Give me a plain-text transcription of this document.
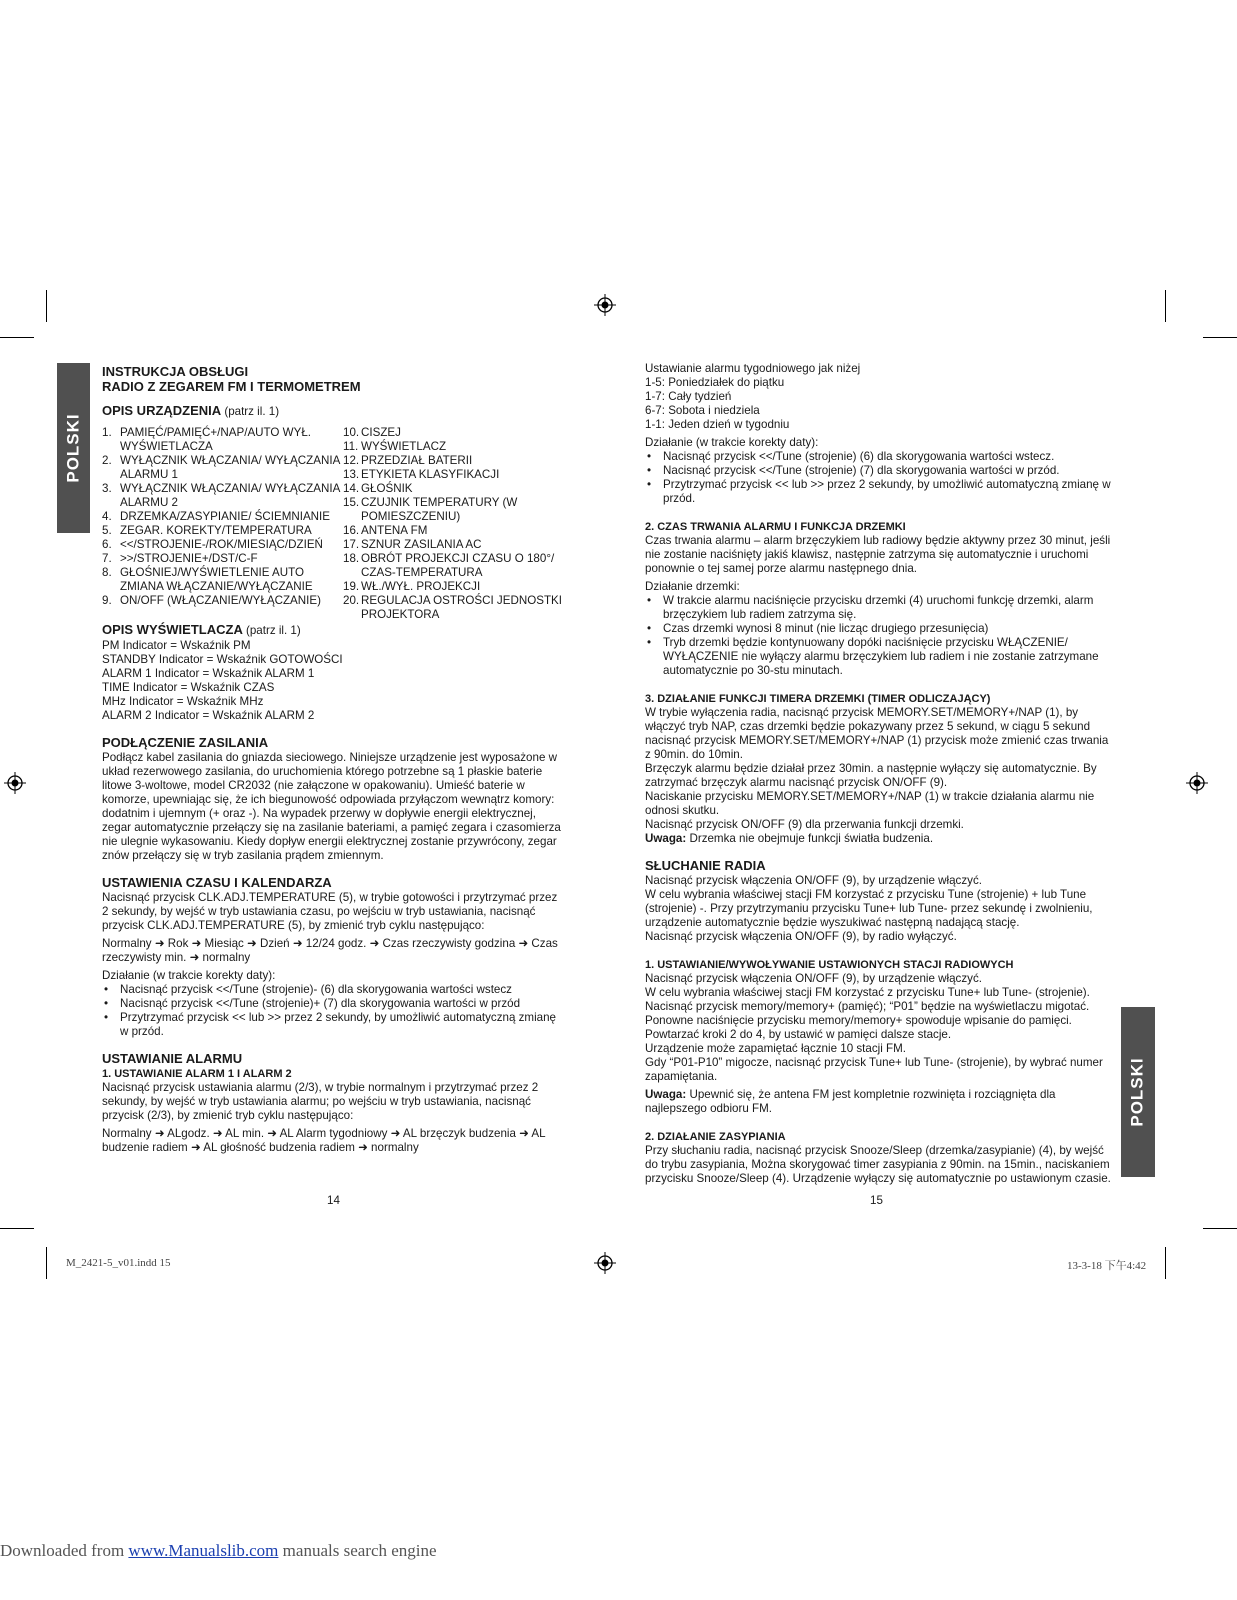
POLSKI
POLSKI

INSTRUKCJA OBSŁUGI

RADIO Z ZEGAREM FM I TERMOMETREM

OPIS URZĄDZENIA (patrz il. 1)

1. PAMIĘĆ/PAMIĘĆ+/NAP/AUTO WYŁ. WYŚWIETLACZA
2. WYŁĄCZNIK WŁĄCZANIA/ WYŁĄCZANIA ALARMU 1
3. WYŁĄCZNIK WŁĄCZANIA/ WYŁĄCZANIA ALARMU 2
4. DRZEMKA/ZASYPIANIE/ ŚCIEMNIANIE
5. ZEGAR. KOREKTY/TEMPERATURA
6. <</STROJENIE-/ROK/MIESIĄC/DZIEŃ
7. >>/STROJENIE+/DST/C-F
8. GŁOŚNIEJ/WYŚWIETLENIE AUTO ZMIANA WŁĄCZANIE/WYŁĄCZANIE
9. ON/OFF (WŁĄCZANIE/WYŁĄCZANIE)
10. CISZEJ
11. WYŚWIETLACZ
12. PRZEDZIAŁ BATERII
13. ETYKIETA KLASYFIKACJI
14. GŁOŚNIK
15. CZUJNIK TEMPERATURY (W POMIESZCZENIU)
16. ANTENA FM
17. SZNUR ZASILANIA AC
18. OBRÓT PROJEKCJI CZASU O 180°/ CZAS-TEMPERATURA
19. WŁ./WYŁ. PROJEKCJI
20. REGULACJA OSTROŚCI JEDNOSTKI PROJEKTORA

OPIS WYŚWIETLACZA (patrz il. 1)

PM Indicator = Wskaźnik PM

STANDBY Indicator = Wskaźnik GOTOWOŚCI

ALARM 1 Indicator = Wskaźnik ALARM 1

TIME Indicator = Wskaźnik CZAS

MHz Indicator = Wskaźnik MHz

ALARM 2 Indicator = Wskaźnik ALARM 2

PODŁĄCZENIE ZASILANIA

Podłącz kabel zasilania do gniazda sieciowego. Niniejsze urządzenie jest wyposażone w układ rezerwowego zasilania, do uruchomienia którego potrzebne są 1 płaskie baterie litowe 3-woltowe, model CR2032 (nie załączone w opakowaniu). Umieść baterie w komorze, upewniając się, że ich biegunowość odpowiada przyłączom wewnątrz komory: dodatnim i ujemnym (+ oraz -). Na wypadek przerwy w dopływie energii elektrycznej, zegar automatycznie przełączy się na zasilanie bateriami, a pamięć zegara i czasomierza nie ulegnie wykasowaniu. Kiedy dopływ energii elektrycznej zostanie przywrócony, zegar znów przełączy się w tryb zasilania prądem zmiennym.

USTAWIENIA CZASU I KALENDARZA

Nacisnąć przycisk CLK.ADJ.TEMPERATURE (5), w trybie gotowości i przytrzymać przez 2 sekundy, by wejść w tryb ustawiania czasu, po wejściu w tryb ustawiania, nacisnąć przycisk CLK.ADJ.TEMPERATURE (5), by zmienić tryb cyklu następująco:

Normalny ➜ Rok ➜ Miesiąc ➜ Dzień ➜ 12/24 godz. ➜ Czas rzeczywisty godzina ➜ Czas rzeczywisty min. ➜ normalny

Działanie (w trakcie korekty daty):

• Nacisnąć przycisk <</Tune (strojenie)- (6) dla skorygowania wartości wstecz
• Nacisnąć przycisk <</Tune (strojenie)+ (7) dla skorygowania wartości w przód
• Przytrzymać przycisk << lub >> przez 2 sekundy, by umożliwić automatyczną zmianę w przód.

USTAWIANIE ALARMU

1. USTAWIANIE ALARM 1 I ALARM 2

Nacisnąć przycisk ustawiania alarmu (2/3), w trybie normalnym i przytrzymać przez 2 sekundy, by wejść w tryb ustawiania alarmu; po wejściu w tryb ustawiania, nacisnąć przycisk (2/3), by zmienić tryb cyklu następująco:

Normalny ➜ ALgodz. ➜ AL min. ➜ AL Alarm tygodniowy ➜ AL brzęczyk budzenia ➜ AL budzenie radiem ➜ AL głośność budzenia radiem ➜ normalny

14

Ustawianie alarmu tygodniowego jak niżej

1-5: Poniedziałek do piątku

1-7: Cały tydzień

6-7: Sobota i niedziela

1-1: Jeden dzień w tygodniu

Działanie (w trakcie korekty daty):

• Nacisnąć przycisk <</Tune (strojenie) (6) dla skorygowania wartości wstecz.
• Nacisnąć przycisk <</Tune (strojenie) (7) dla skorygowania wartości w przód.
• Przytrzymać przycisk << lub >> przez 2 sekundy, by umożliwić automatyczną zmianę w przód.

2. CZAS TRWANIA ALARMU I FUNKCJA DRZEMKI

Czas trwania alarmu – alarm brzęczykiem lub radiowy będzie aktywny przez 30 minut, jeśli nie zostanie naciśnięty jakiś klawisz, następnie zatrzyma się automatycznie i uruchomi ponownie o tej samej porze alarmu następnego dnia.

Działanie drzemki:

• W trakcie alarmu naciśnięcie przycisku drzemki (4) uruchomi funkcję drzemki, alarm brzęczykiem lub radiem zatrzyma się.
• Czas drzemki wynosi 8 minut (nie licząc drugiego przesunięcia)
• Tryb drzemki będzie kontynuowany dopóki naciśnięcie przycisku WŁĄCZENIE/ WYŁĄCZENIE nie wyłączy alarmu brzęczykiem lub radiem i nie zostanie zatrzymane automatycznie po 30-stu minutach.

3. DZIAŁANIE FUNKCJI TIMERA DRZEMKI (TIMER ODLICZAJĄCY)

W trybie wyłączenia radia, nacisnąć przycisk MEMORY.SET/MEMORY+/NAP (1), by włączyć tryb NAP, czas drzemki będzie pokazywany przez 5 sekund, w ciągu 5 sekund nacisnąć przycisk MEMORY.SET/MEMORY+/NAP (1) przycisk może zmienić czas trwania z 90min. do 10min.

Brzęczyk alarmu będzie działał przez 30min. a następnie wyłączy się automatycznie. By zatrzymać brzęczyk alarmu nacisnąć przycisk ON/OFF (9).

Naciskanie przycisku MEMORY.SET/MEMORY+/NAP (1) w trakcie działania alarmu nie odnosi skutku.

Nacisnąć przycisk ON/OFF (9) dla przerwania funkcji drzemki.

Uwaga: Drzemka nie obejmuje funkcji światła budzenia.

SŁUCHANIE RADIA

Nacisnąć przycisk włączenia ON/OFF (9), by urządzenie włączyć.

W celu wybrania właściwej stacji FM korzystać z przycisku Tune (strojenie) + lub Tune (strojenie) -. Przy przytrzymaniu przycisku Tune+ lub Tune- przez sekundę i zwolnieniu, urządzenie automatycznie będzie wyszukiwać następną nadającą stację.

Nacisnąć przycisk włączenia ON/OFF (9), by radio wyłączyć.

1. USTAWIANIE/WYWOŁYWANIE USTAWIONYCH STACJI RADIOWYCH

Nacisnąć przycisk włączenia ON/OFF (9), by urządzenie włączyć.

W celu wybrania właściwej stacji FM korzystać z przycisku Tune+ lub Tune- (strojenie).

Nacisnąć przycisk memory/memory+ (pamięć); “P01” będzie na wyświetlaczu migotać.

Ponowne naciśnięcie przycisku memory/memory+ spowoduje wpisanie do pamięci.

Powtarzać kroki 2 do 4, by ustawić w pamięci dalsze stacje.

Urządzenie może zapamiętać łącznie 10 stacji FM.

Gdy “P01-P10” migocze, nacisnąć przycisk Tune+ lub Tune- (strojenie), by wybrać numer zapamiętania.

Uwaga: Upewnić się, że antena FM jest kompletnie rozwinięta i rozciągnięta dla najlepszego odbioru FM.

2. DZIAŁANIE ZASYPIANIA

Przy słuchaniu radia, nacisnąć przycisk Snooze/Sleep (drzemka/zasypianie) (4), by wejść do trybu zasypiania, Można skorygować timer zasypiania z 90min. na 15min., naciskaniem przycisku Snooze/Sleep (4). Urządzenie wyłączy się automatycznie po ustawionym czasie.

15
M_2421-5_v01.indd 15	13-3-18 下午4:42
Downloaded from www.Manualslib.com manuals search engine
